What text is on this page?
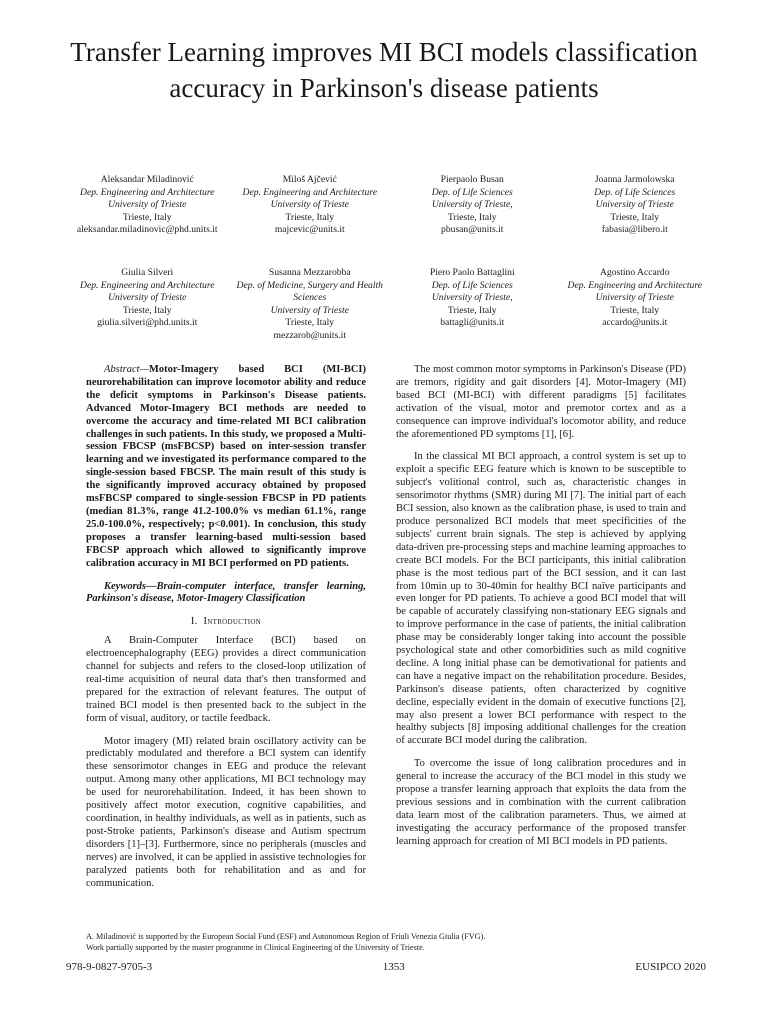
Transfer Learning improves MI BCI models classification accuracy in Parkinson's disease patients
Aleksandar Miladinović
Dep. Engineering and Architecture
University of Trieste
Trieste, Italy
aleksandar.miladinovic@phd.units.it
Miloš Ajčević
Dep. Engineering and Architecture
University of Trieste
Trieste, Italy
majcevic@units.it
Pierpaolo Busan
Dep. of Life Sciences
University of Trieste,
Trieste, Italy
pbusan@units.it
Joanna Jarmolowska
Dep. of Life Sciences
University of Trieste
Trieste, Italy
fabasia@libero.it
Giulia Silveri
Dep. Engineering and Architecture
University of Trieste
Trieste, Italy
giulia.silveri@phd.units.it
Susanna Mezzarobba
Dep. of Medicine, Surgery and Health Sciences
University of Trieste
Trieste, Italy
mezzarob@units.it
Piero Paolo Battaglini
Dep. of Life Sciences
University of Trieste,
Trieste, Italy
battagli@units.it
Agostino Accardo
Dep. Engineering and Architecture
University of Trieste
Trieste, Italy
accardo@units.it

Abstract—Motor-Imagery based BCI (MI-BCI) neurorehabilitation can improve locomotor ability and reduce the deficit symptoms in Parkinson's Disease patients. Advanced Motor-Imagery BCI methods are needed to overcome the accuracy and time-related MI BCI calibration challenges in such patients. In this study, we proposed a Multi-session FBCSP (msFBCSP) based on inter-session transfer learning and we investigated its performance compared to the single-session based FBCSP. The main result of this study is the significantly improved accuracy obtained by proposed msFBCSP compared to single-session FBCSP in PD patients (median 81.3%, range 41.2-100.0% vs median 61.1%, range 25.0-100.0%, respectively; p<0.001). In conclusion, this study proposes a transfer learning-based multi-session based FBCSP approach which allowed to significantly improve calibration accuracy in MI BCI performed on PD patients.

Keywords—Brain-computer interface, transfer learning, Parkinson's disease, Motor-Imagery Classification

I. Introduction

A Brain-Computer Interface (BCI) based on electroencephalography (EEG) provides a direct communication channel for subjects and refers to the closed-loop utilization of real-time acquisition of neural data that's then transformed and prepared for the extraction of relevant features. The output of trained BCI model is then presented back to the subject in the form of visual, auditory, or tactile feedback.

Motor imagery (MI) related brain oscillatory activity can be predictably modulated and therefore a BCI system can identify these sensorimotor changes in EEG and produce the relevant output. Among many other applications, MI BCI technology may be used for neurorehabilitation. Indeed, it has been shown to positively affect motor execution, cognitive capabilities, and coordination, in healthy individuals, as well as in patients, such as post-Stroke patients, Parkinson's disease and Autism spectrum disorders [1]–[3]. Furthermore, since no peripherals (muscles and nerves) are involved, it can be applied in assistive technologies for paralyzed patients both for rehabilitation and as and for communication.

The most common motor symptoms in Parkinson's Disease (PD) are tremors, rigidity and gait disorders [4]. Motor-Imagery (MI) based BCI (MI-BCI) with different paradigms [5] facilitates activation of the visual, motor and premotor cortex and as a consequence can improve individual's locomotor ability, and reduce the aforementioned PD symptoms [1], [6].

In the classical MI BCI approach, a control system is set up to exploit a specific EEG feature which is known to be susceptible to subject's volitional control, such as, characteristic changes in sensorimotor rhythms (SMR) during MI [7]. The initial part of each BCI session, also known as the calibration phase, is used to train and produce personalized BCI models that meet specificities of the subjects' current brain signals. The step is achieved by applying data-driven pre-processing steps and machine learning approaches to create BCI models. For the BCI participants, this initial calibration phase is the most tedious part of the BCI session, and it can last from 10min up to 30-40min for healthy BCI naïve participants and even longer for PD patients. To achieve a good BCI model that will be capable of accurately classifying non-stationary EEG signals and to improve performance in the case of patients, the initial calibration phase may be considerably longer taking into account the possible psychological state and other comorbidities such as mild cognitive decline. A long initial phase can be demotivational for patients and can have a negative impact on the rehabilitation procedure. Besides, Parkinson's disease patients, often characterized by cognitive decline, especially evident in the domain of executive functions [2], may also present a lower BCI performance with respect to the healthy subjects [8] imposing additional challenges for the creation of accurate BCI model during the calibration.

To overcome the issue of long calibration procedures and in general to increase the accuracy of the BCI model in this study we propose a transfer learning approach that exploits the data from the previous sessions and in combination with the current calibration data learn most of the calibration parameters. Thus, we aimed at investigating the accuracy performance of the proposed transfer learning approach for creation of MI BCI models in PD patients.

A. Miladinović is supported by the European Social Fund (ESF) and Autonomous Region of Friuli Venezia Giulia (FVG).
Work partially supported by the master programme in Clinical Engineering of the University of Trieste.
978-9-0827-9705-3	1353	EUSIPCO 2020
